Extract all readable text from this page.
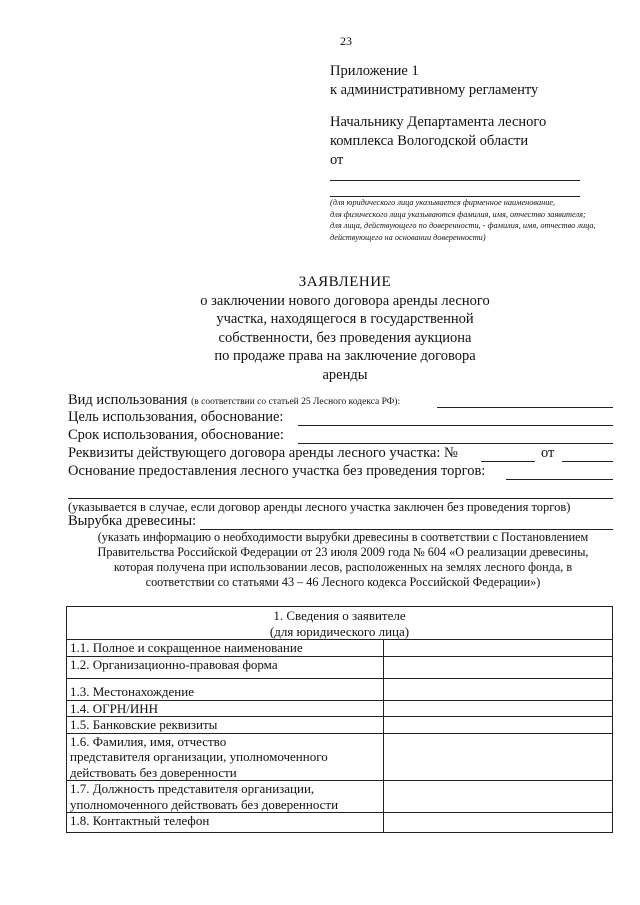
23
Приложение 1
к административному регламенту
Начальнику Департамента лесного
комплекса Вологодской области
от
(для юридического лица указывается фирменное наименование,
для физического лица указываются фамилия, имя, отчество заявителя;
для лица, действующего по доверенности, - фамилия, имя, отчество лица,
действующего на основании доверенности)
ЗАЯВЛЕНИЕ
о заключении нового договора аренды лесного
участка, находящегося в государственной
собственности, без проведения аукциона
по продаже права на заключение договора
аренды
Вид использования (в соответствии со статьей 25 Лесного кодекса РФ):
Цель использования, обоснование:
Срок использования, обоснование:
Реквизиты действующего договора аренды лесного участка: №	от
Основание предоставления лесного участка без проведения торгов:
(указывается в случае, если договор аренды лесного участка заключен без проведения торгов)
Вырубка древесины:
(указать информацию о необходимости вырубки древесины в соответствии с Постановлением
Правительства Российской Федерации от 23 июля 2009 года № 604 «О реализации древесины,
которая получена при использовании лесов, расположенных на землях лесного фонда, в
соответствии со статьями 43 – 46 Лесного кодекса Российской Федерации»)
1. Сведения о заявителе
(для юридического лица)	

1.1. Полное и сокращенное наименование	

1.2. Организационно-правовая форма	

1.3. Местонахождение	

1.4. ОГРН/ИНН	

1.5. Банковские реквизиты	

1.6. Фамилия, имя, отчество
представителя организации, уполномоченного
действовать без доверенности	

1.7. Должность представителя организации,
уполномоченного действовать без доверенности	

1.8. Контактный телефон	
